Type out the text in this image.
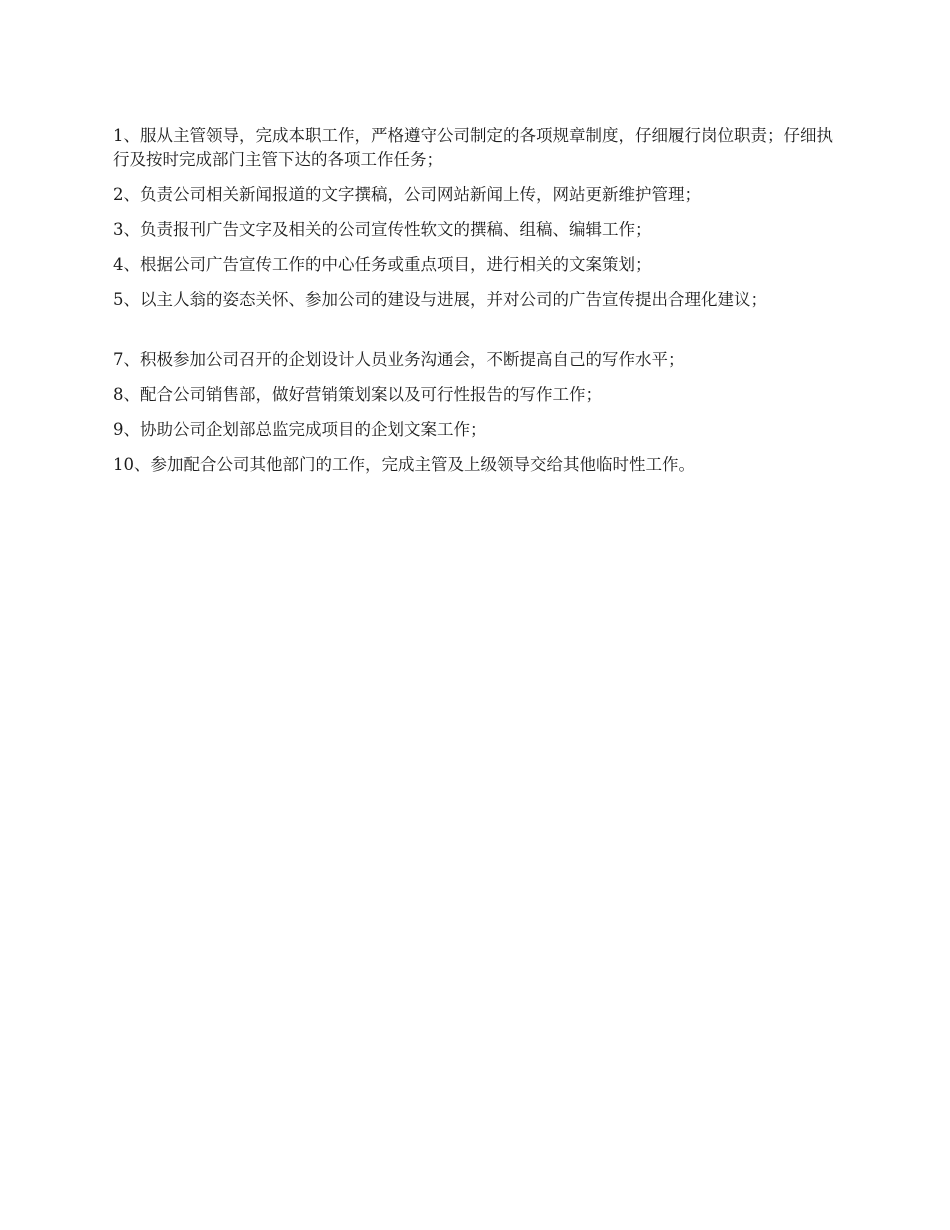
1、服从主管领导，完成本职工作，严格遵守公司制定的各项规章制度，仔细履行岗位职责；仔细执行及按时完成部门主管下达的各项工作任务；

2、负责公司相关新闻报道的文字撰稿，公司网站新闻上传，网站更新维护管理；

3、负责报刊广告文字及相关的公司宣传性软文的撰稿、组稿、编辑工作；

4、根据公司广告宣传工作的中心任务或重点项目，进行相关的文案策划；

5、以主人翁的姿态关怀、参加公司的建设与进展，并对公司的广告宣传提出合理化建议；

7、积极参加公司召开的企划设计人员业务沟通会，不断提高自己的写作水平；

8、配合公司销售部，做好营销策划案以及可行性报告的写作工作；

9、协助公司企划部总监完成项目的企划文案工作；

10、参加配合公司其他部门的工作，完成主管及上级领导交给其他临时性工作。
